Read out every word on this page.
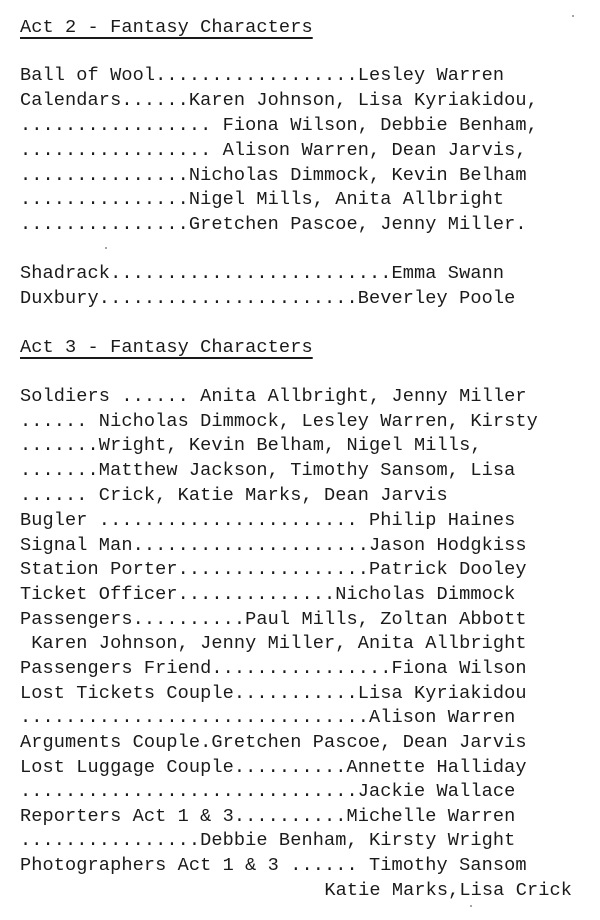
Act 2 - Fantasy Characters
Ball of Wool..................Lesley Warren
Calendars......Karen Johnson, Lisa Kyriakidou,
................. Fiona Wilson, Debbie Benham,
................. Alison Warren, Dean Jarvis,
...............Nicholas Dimmock, Kevin Belham
...............Nigel Mills, Anita Allbright
...............Gretchen Pascoe, Jenny Miller.
Shadrack.........................Emma Swann
Duxbury.......................Beverley Poole
Act 3 - Fantasy Characters
Soldiers ...... Anita Allbright, Jenny Miller
...... Nicholas Dimmock, Lesley Warren, Kirsty
.......Wright, Kevin Belham, Nigel Mills,
.......Matthew Jackson, Timothy Sansom, Lisa
...... Crick, Katie Marks, Dean Jarvis
Bugler ....................... Philip Haines
Signal Man.....................Jason Hodgkiss
Station Porter.................Patrick Dooley
Ticket Officer..............Nicholas Dimmock
Passengers..........Paul Mills, Zoltan Abbott
Karen Johnson, Jenny Miller, Anita Allbright
Passengers Friend................Fiona Wilson
Lost Tickets Couple...........Lisa Kyriakidou
...............................Alison Warren
Arguments Couple.Gretchen Pascoe, Dean Jarvis
Lost Luggage Couple..........Annette Halliday
..............................Jackie Wallace
Reporters Act 1 & 3..........Michelle Warren
................Debbie Benham, Kirsty Wright
Photographers Act 1 & 3 ...... Timothy Sansom
Katie Marks,Lisa Crick
